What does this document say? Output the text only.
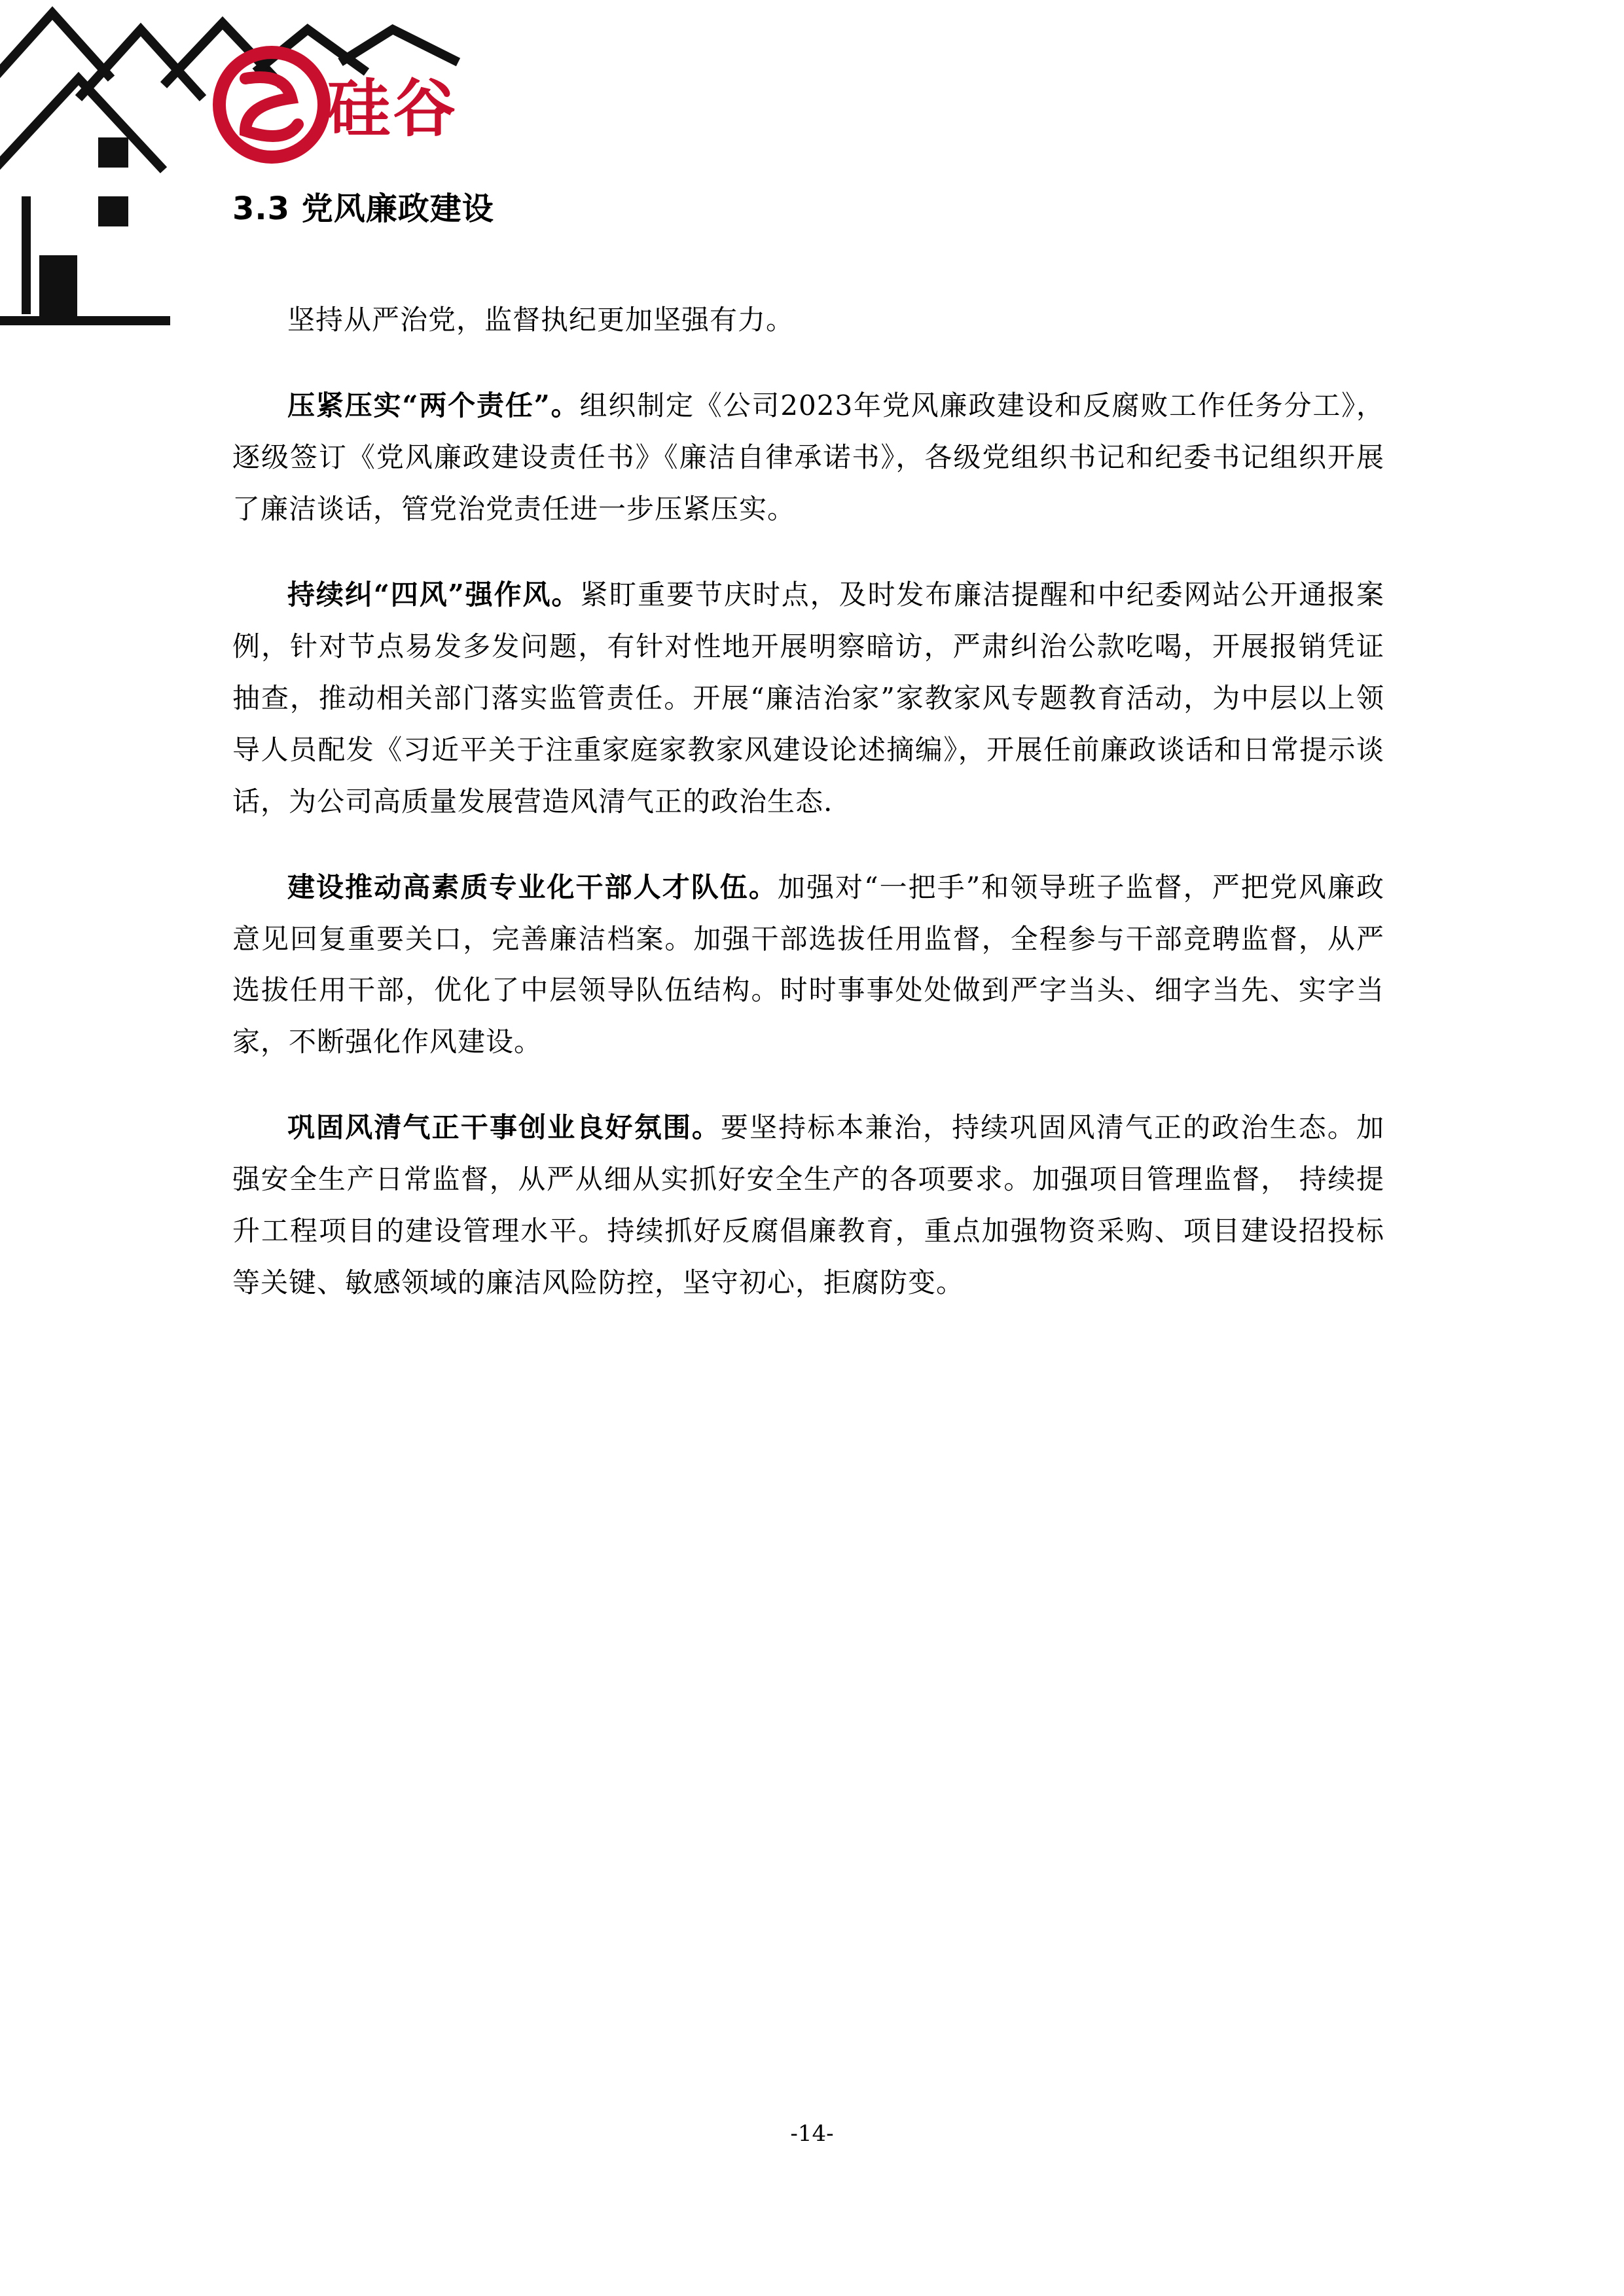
硅谷
3.3 党风廉政建设

坚持从严治党，监督执纪更加坚强有力。

压紧压实“两个责任”。组织制定《公司2023年党风廉政建设和反腐败工作任务分工》，逐级签订《党风廉政建设责任书》《廉洁自律承诺书》，各级党组织书记和纪委书记组织开展了廉洁谈话，管党治党责任进一步压紧压实。

持续纠“四风”强作风。紧盯重要节庆时点，及时发布廉洁提醒和中纪委网站公开通报案例，针对节点易发多发问题，有针对性地开展明察暗访，严肃纠治公款吃喝，开展报销凭证抽查，推动相关部门落实监管责任。开展“廉洁治家”家教家风专题教育活动，为中层以上领导人员配发《习近平关于注重家庭家教家风建设论述摘编》，开展任前廉政谈话和日常提示谈话，为公司高质量发展营造风清气正的政治生态.

建设推动高素质专业化干部人才队伍。加强对“一把手”和领导班子监督，严把党风廉政意见回复重要关口，完善廉洁档案。加强干部选拔任用监督，全程参与干部竞聘监督，从严选拔任用干部，优化了中层领导队伍结构。时时事事处处做到严字当头、细字当先、实字当家，不断强化作风建设。

巩固风清气正干事创业良好氛围。要坚持标本兼治，持续巩固风清气正的政治生态。加强安全生产日常监督，从严从细从实抓好安全生产的各项要求。加强项目管理监督， 持续提升工程项目的建设管理水平。持续抓好反腐倡廉教育，重点加强物资采购、项目建设招投标等关键、敏感领域的廉洁风险防控，坚守初心，拒腐防变。

-14-
